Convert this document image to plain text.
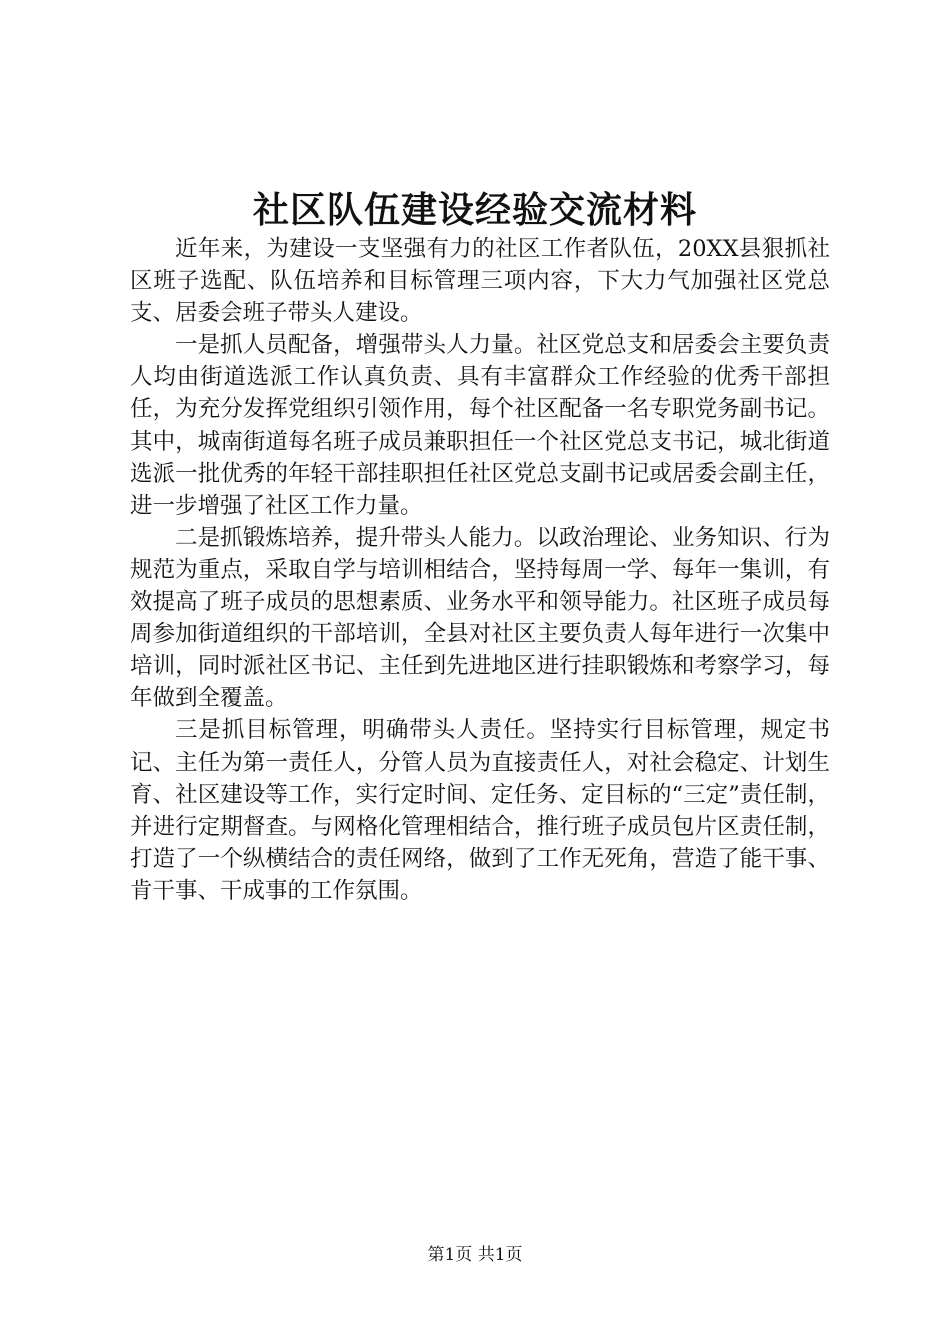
社区队伍建设经验交流材料

近年来，为建设一支坚强有力的社区工作者队伍，20XX县狠抓社区班子选配、队伍培养和目标管理三项内容，下大力气加强社区党总支、居委会班子带头人建设。

一是抓人员配备，增强带头人力量。社区党总支和居委会主要负责人均由街道选派工作认真负责、具有丰富群众工作经验的优秀干部担任，为充分发挥党组织引领作用，每个社区配备一名专职党务副书记。其中，城南街道每名班子成员兼职担任一个社区党总支书记，城北街道选派一批优秀的年轻干部挂职担任社区党总支副书记或居委会副主任，进一步增强了社区工作力量。

二是抓锻炼培养，提升带头人能力。以政治理论、业务知识、行为规范为重点，采取自学与培训相结合，坚持每周一学、每年一集训，有效提高了班子成员的思想素质、业务水平和领导能力。社区班子成员每周参加街道组织的干部培训，全县对社区主要负责人每年进行一次集中培训，同时派社区书记、主任到先进地区进行挂职锻炼和考察学习，每年做到全覆盖。

三是抓目标管理，明确带头人责任。坚持实行目标管理，规定书记、主任为第一责任人，分管人员为直接责任人，对社会稳定、计划生育、社区建设等工作，实行定时间、定任务、定目标的“三定”责任制，并进行定期督查。与网格化管理相结合，推行班子成员包片区责任制，打造了一个纵横结合的责任网络，做到了工作无死角，营造了能干事、肯干事、干成事的工作氛围。

第1页 共1页
